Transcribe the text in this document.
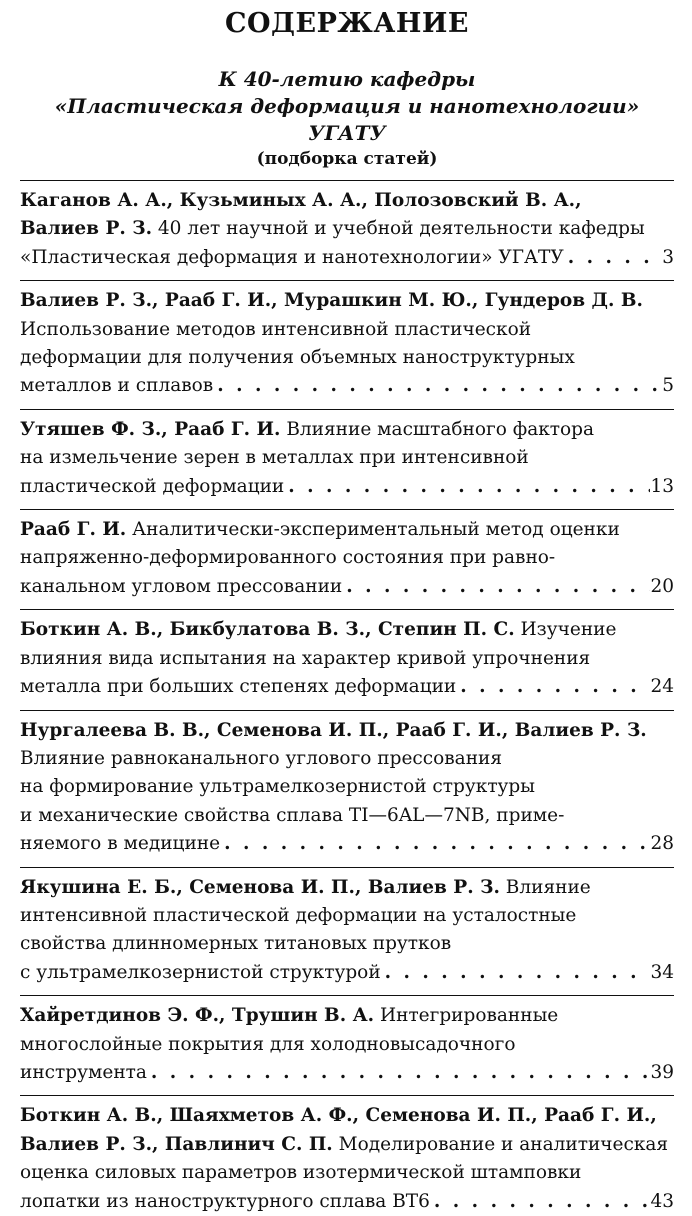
СОДЕРЖАНИЕ
К 40-летию кафедры
«Пластическая деформация и нанотехнологии» УГАТУ
(подборка статей)
Каганов А. А., Кузьминых А. А., Полозовский В. А.,
Валиев Р. З. 40 лет научной и учебной деятельности кафедры
«Пластическая деформация и нанотехнологии» УГАТУ . . .	3
Валиев Р. З., Рааб Г. И., Мурашкин М. Ю., Гундеров Д. В.
Использование методов интенсивной пластической
деформации для получения объемных наноструктурных
металлов и сплавов . . .	5
Утяшев Ф. З., Рааб Г. И. Влияние масштабного фактора
на измельчение зерен в металлах при интенсивной
пластической деформации . . .	13
Рааб Г. И. Аналитически-экспериментальный метод оценки
напряженно-деформированного состояния при равно-
канальном угловом прессовании . . .	20
Боткин А. В., Бикбулатова В. З., Степин П. С. Изучение
влияния вида испытания на характер кривой упрочнения
металла при больших степенях деформации . . .	24
Нургалеева В. В., Семенова И. П., Рааб Г. И., Валиев Р. З.
Влияние равноканального углового прессования
на формирование ультрамелкозернистой структуры
и механические свойства сплава TI—6AL—7NB, приме-
няемого в медицине . . .	28
Якушина Е. Б., Семенова И. П., Валиев Р. З. Влияние
интенсивной пластической деформации на усталостные
свойства длинномерных титановых прутков
с ультрамелкозернистой структурой . . .	34
Хайретдинов Э. Ф., Трушин В. А. Интегрированные
многослойные покрытия для холодновысадочного
инструмента . . .	39
Боткин А. В., Шаяхметов А. Ф., Семенова И. П., Рааб Г. И.,
Валиев Р. З., Павлинич С. П. Моделирование и аналитическая
оценка силовых параметров изотермической штамповки
лопатки из наноструктурного сплава ВТ6 . . .	43
